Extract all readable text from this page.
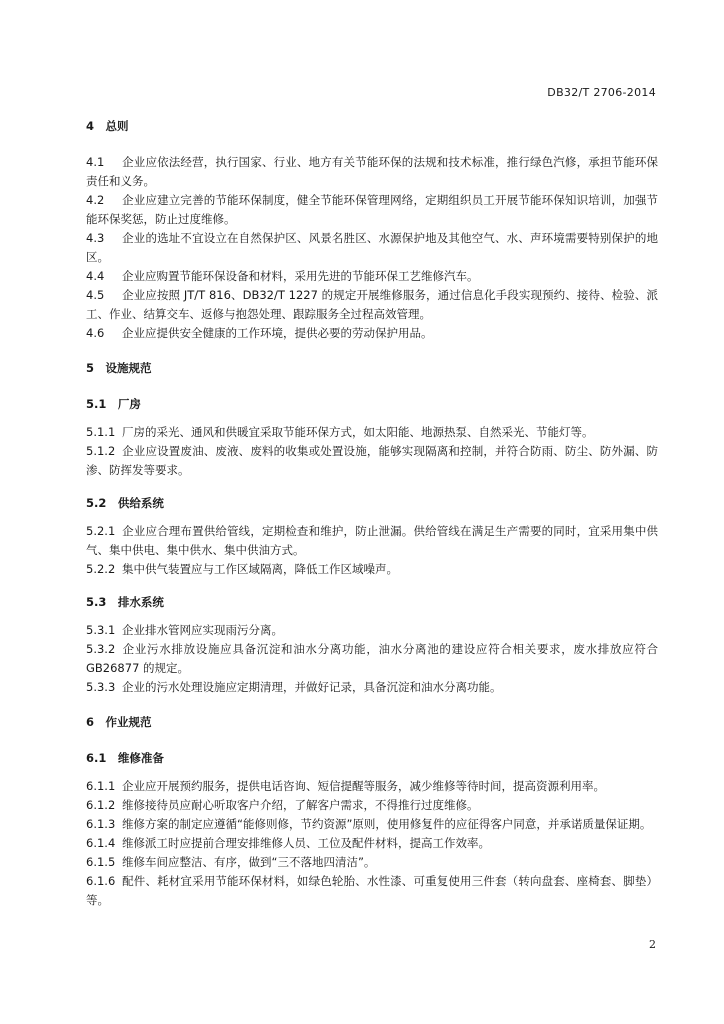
DB32/T 2706-2014

4　总则

4.1 企业应依法经营，执行国家、行业、地方有关节能环保的法规和技术标准，推行绿色汽修，承担节能环保责任和义务。

4.2 企业应建立完善的节能环保制度，健全节能环保管理网络，定期组织员工开展节能环保知识培训，加强节能环保奖惩，防止过度维修。

4.3 企业的选址不宜设立在自然保护区、风景名胜区、水源保护地及其他空气、水、声环境需要特别保护的地区。

4.4 企业应购置节能环保设备和材料，采用先进的节能环保工艺维修汽车。

4.5 企业应按照 JT/T 816、DB32/T 1227 的规定开展维修服务，通过信息化手段实现预约、接待、检验、派工、作业、结算交车、返修与抱怨处理、跟踪服务全过程高效管理。

4.6 企业应提供安全健康的工作环境，提供必要的劳动保护用品。

5　设施规范

5.1　厂房

5.1.1 厂房的采光、通风和供暖宜采取节能环保方式，如太阳能、地源热泵、自然采光、节能灯等。

5.1.2 企业应设置废油、废液、废料的收集或处置设施，能够实现隔离和控制，并符合防雨、防尘、防外漏、防渗、防挥发等要求。

5.2　供给系统

5.2.1 企业应合理布置供给管线，定期检查和维护，防止泄漏。供给管线在满足生产需要的同时，宜采用集中供气、集中供电、集中供水、集中供油方式。

5.2.2 集中供气装置应与工作区域隔离，降低工作区域噪声。

5.3　排水系统

5.3.1 企业排水管网应实现雨污分离。

5.3.2 企业污水排放设施应具备沉淀和油水分离功能，油水分离池的建设应符合相关要求，废水排放应符合 GB26877 的规定。

5.3.3 企业的污水处理设施应定期清理，并做好记录，具备沉淀和油水分离功能。

6　作业规范

6.1　维修准备

6.1.1 企业应开展预约服务，提供电话咨询、短信提醒等服务，减少维修等待时间，提高资源利用率。

6.1.2 维修接待员应耐心听取客户介绍，了解客户需求，不得推行过度维修。

6.1.3 维修方案的制定应遵循“能修则修，节约资源”原则，使用修复件的应征得客户同意，并承诺质量保证期。

6.1.4 维修派工时应提前合理安排维修人员、工位及配件材料，提高工作效率。

6.1.5 维修车间应整洁、有序，做到“三不落地四清洁”。

6.1.6 配件、耗材宜采用节能环保材料，如绿色轮胎、水性漆、可重复使用三件套（转向盘套、座椅套、脚垫）等。

2
